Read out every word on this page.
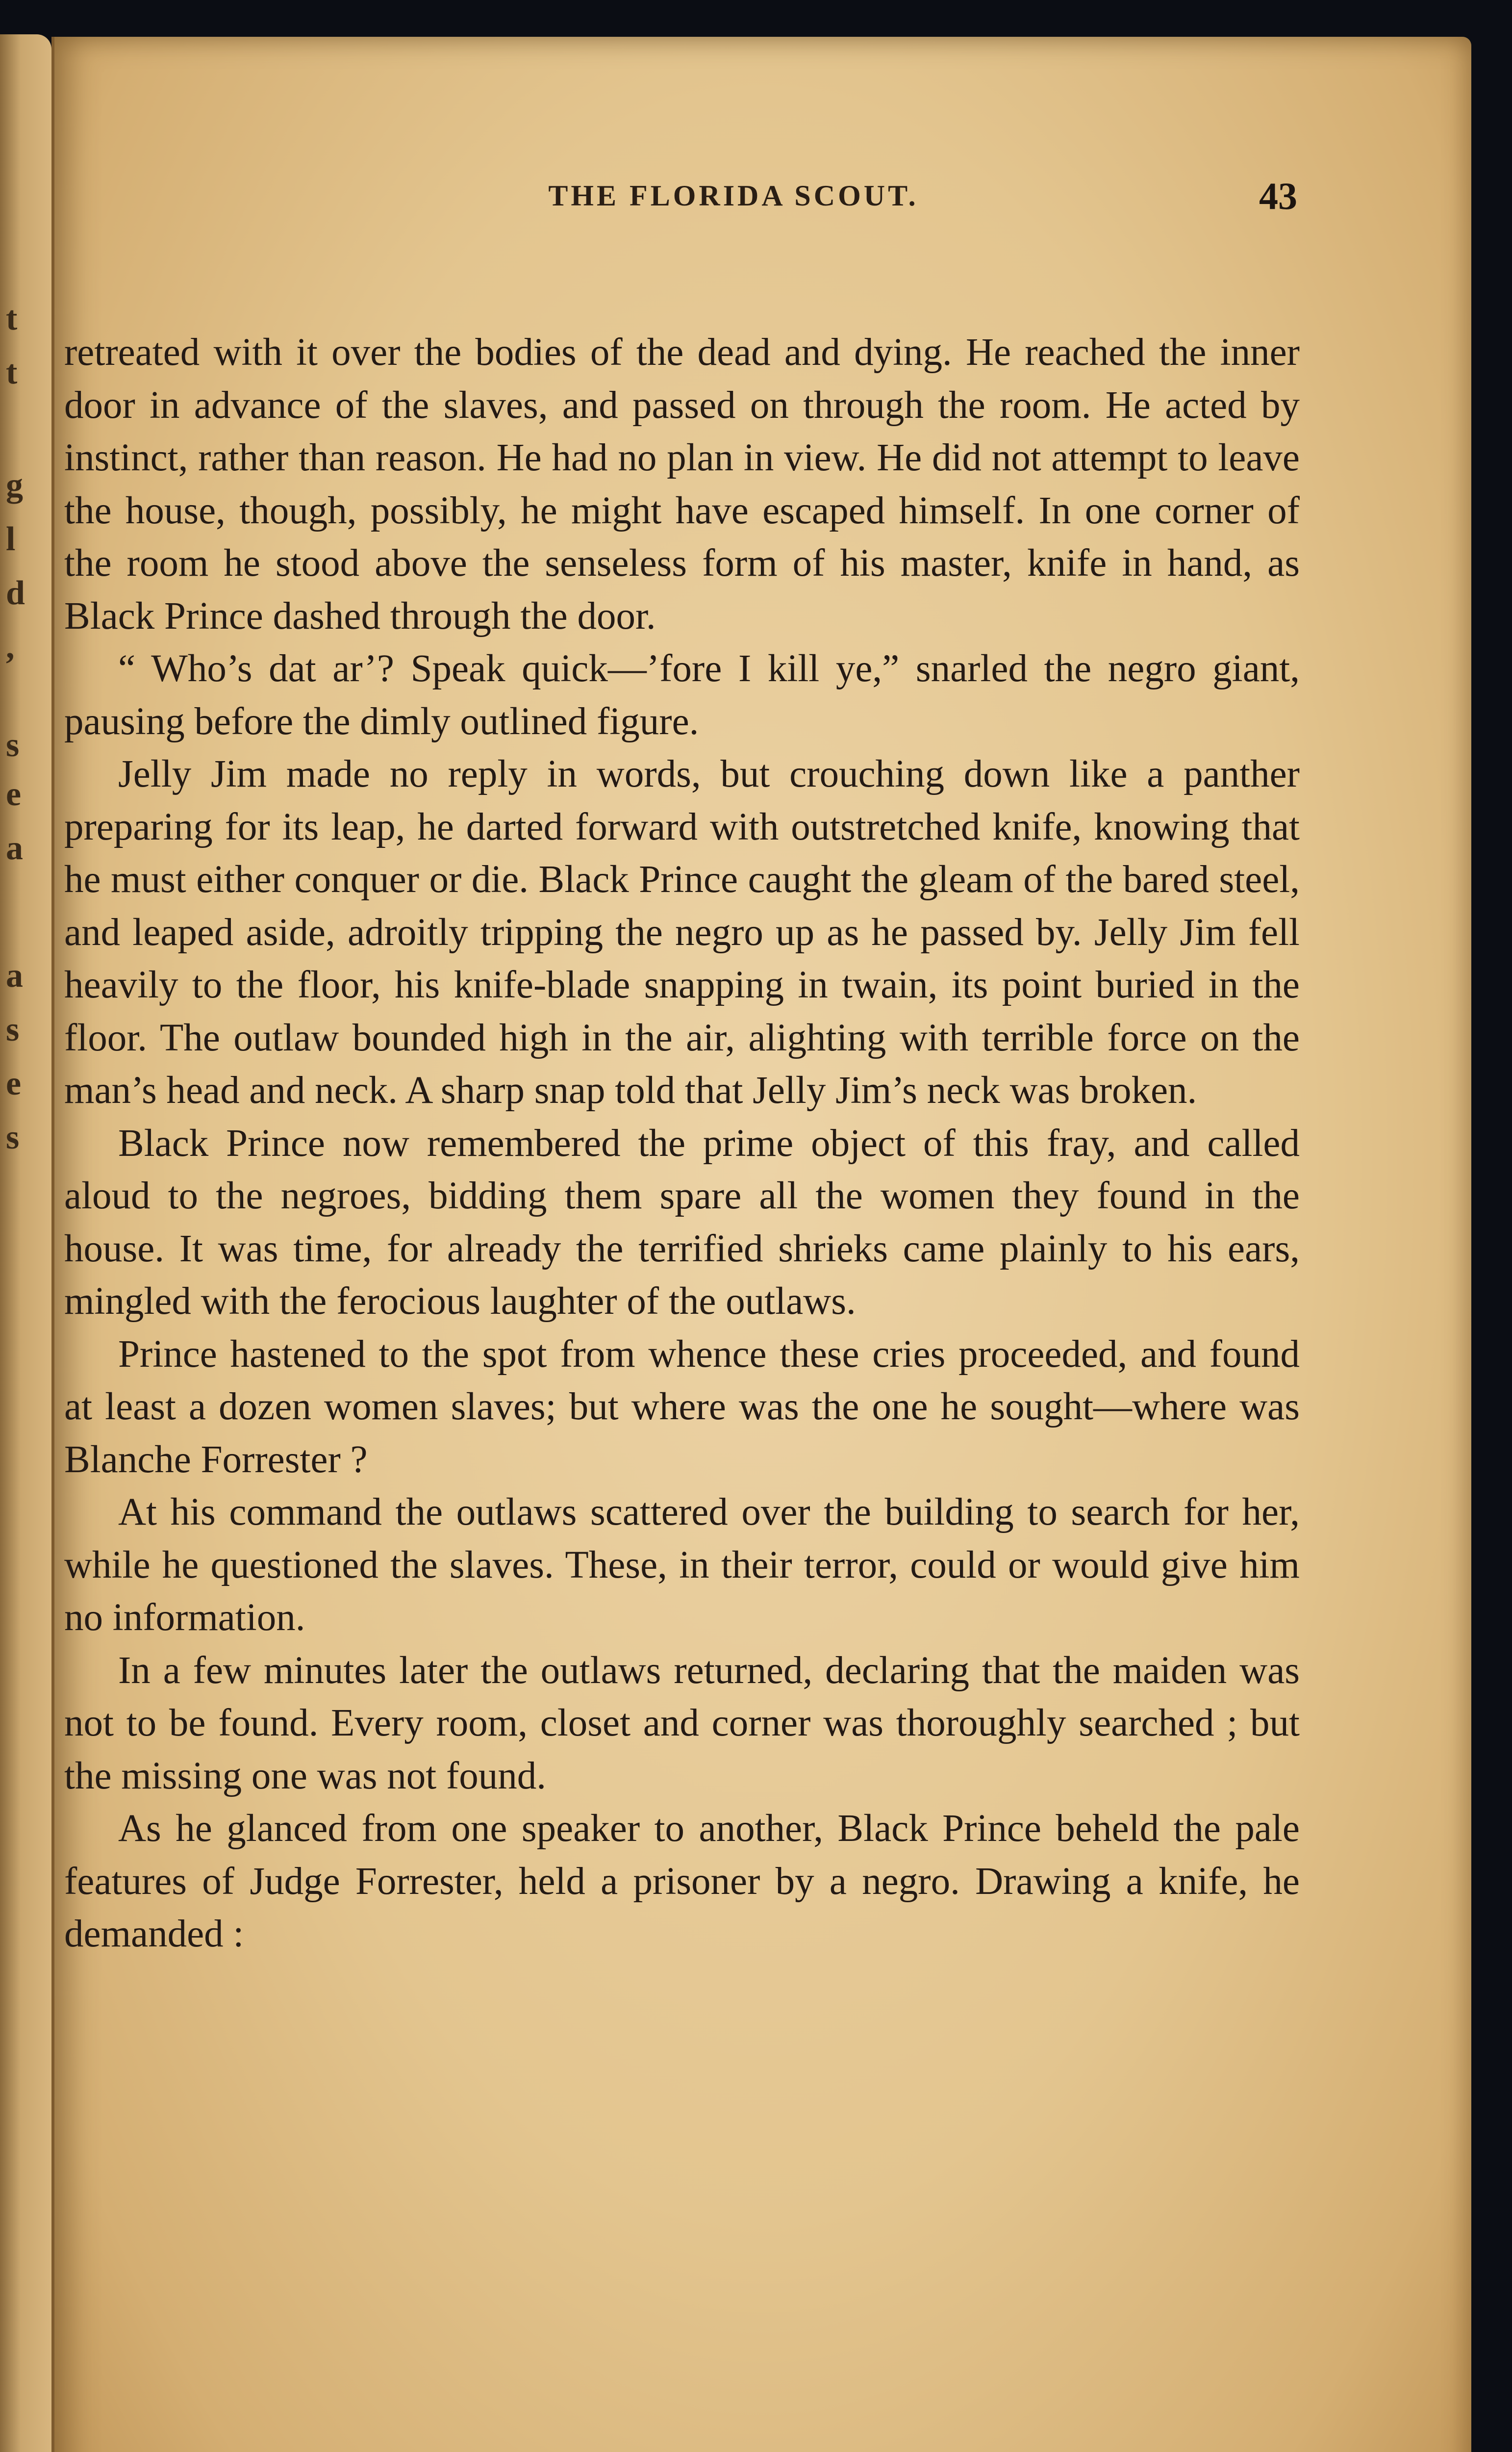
t
t
g
l
d
,
s
e
a
a
s
e
s
THE FLORIDA SCOUT.	43

retreated with it over the bodies of the dead and dying. He reached the inner door in advance of the slaves, and passed on through the room. He acted by instinct, rather than reason. He had no plan in view. He did not attempt to leave the house, though, possibly, he might have escaped himself. In one corner of the room he stood above the senseless form of his master, knife in hand, as Black Prince dashed through the door.

“ Who’s dat ar’? Speak quick—’fore I kill ye,” snarled the negro giant, pausing before the dimly outlined figure.

Jelly Jim made no reply in words, but crouching down like a panther preparing for its leap, he darted forward with outstretched knife, knowing that he must either conquer or die. Black Prince caught the gleam of the bared steel, and leaped aside, adroitly tripping the negro up as he passed by. Jelly Jim fell heavily to the floor, his knife-blade snapping in twain, its point buried in the floor. The outlaw bounded high in the air, alighting with terrible force on the man’s head and neck. A sharp snap told that Jelly Jim’s neck was broken.

Black Prince now remembered the prime object of this fray, and called aloud to the negroes, bidding them spare all the women they found in the house. It was time, for already the terrified shrieks came plainly to his ears, mingled with the ferocious laughter of the outlaws.

Prince hastened to the spot from whence these cries proceeded, and found at least a dozen women slaves; but where was the one he sought—where was Blanche Forrester ?

At his command the outlaws scattered over the building to search for her, while he questioned the slaves. These, in their terror, could or would give him no information.

In a few minutes later the outlaws returned, declaring that the maiden was not to be found. Every room, closet and corner was thoroughly searched ; but the missing one was not found.

As he glanced from one speaker to another, Black Prince beheld the pale features of Judge Forrester, held a prisoner by a negro. Drawing a knife, he demanded :
